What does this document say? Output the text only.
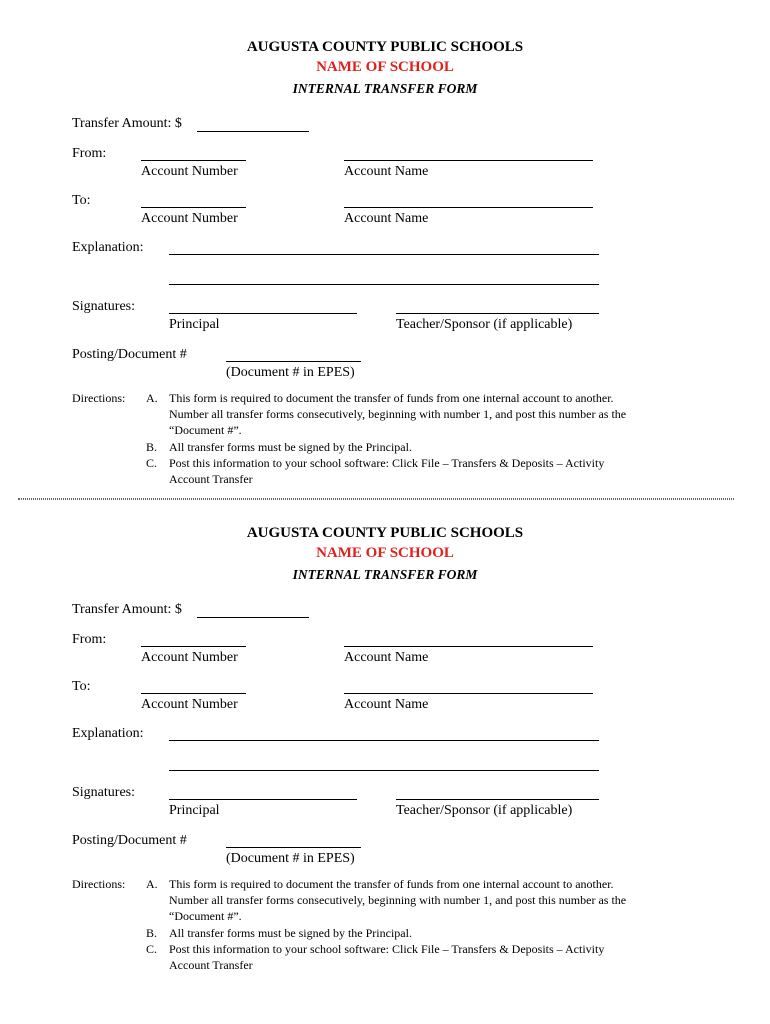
AUGUSTA COUNTY PUBLIC SCHOOLS
NAME OF SCHOOL
INTERNAL TRANSFER FORM
Transfer Amount: $
From:
Account Number	Account Name
To:
Account Number	Account Name
Explanation:
Signatures:
Principal	Teacher/Sponsor (if applicable)
Posting/Document #
(Document # in EPES)
Directions: A. This form is required to document the transfer of funds from one internal account to another.
Number all transfer forms consecutively, beginning with number 1, and post this number as the
“Document #”.
B. All transfer forms must be signed by the Principal.
C. Post this information to your school software: Click File – Transfers & Deposits – Activity
Account Transfer
AUGUSTA COUNTY PUBLIC SCHOOLS
NAME OF SCHOOL
INTERNAL TRANSFER FORM
Transfer Amount: $
From:
Account Number	Account Name
To:
Account Number	Account Name
Explanation:
Signatures:
Principal	Teacher/Sponsor (if applicable)
Posting/Document #
(Document # in EPES)
Directions: A. This form is required to document the transfer of funds from one internal account to another.
Number all transfer forms consecutively, beginning with number 1, and post this number as the
“Document #”.
B. All transfer forms must be signed by the Principal.
C. Post this information to your school software: Click File – Transfers & Deposits – Activity
Account Transfer
